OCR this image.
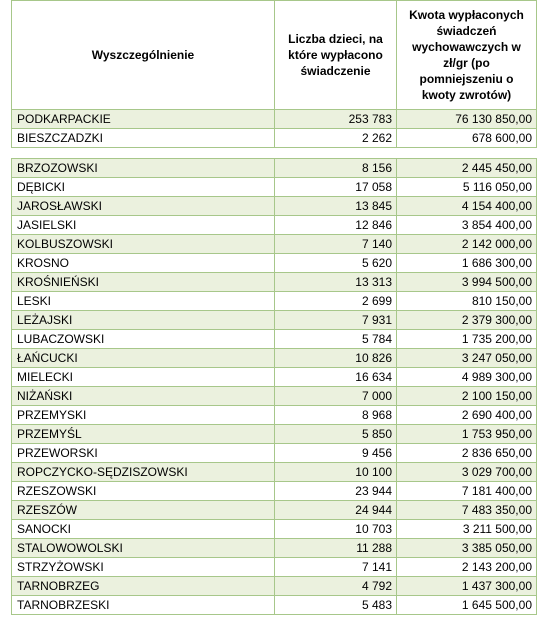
Wyszczególnienie	Liczba dzieci, na które wypłacono świadczenie	Kwota wypłaconych świadczeń wychowawczych w zł/gr (po pomniejszeniu o kwoty zwrotów)
PODKARPACKIE	253 783	76 130 850,00
BIESZCZADZKI	2 262	678 600,00

BRZOZOWSKI	8 156	2 445 450,00
DĘBICKI	17 058	5 116 050,00
JAROSŁAWSKI	13 845	4 154 400,00
JASIELSKI	12 846	3 854 400,00
KOLBUSZOWSKI	7 140	2 142 000,00
KROSNO	5 620	1 686 300,00
KROŚNIEŃSKI	13 313	3 994 500,00
LESKI	2 699	810 150,00
LEŻAJSKI	7 931	2 379 300,00
LUBACZOWSKI	5 784	1 735 200,00
ŁAŃCUCKI	10 826	3 247 050,00
MIELECKI	16 634	4 989 300,00
NIŻAŃSKI	7 000	2 100 150,00
PRZEMYSKI	8 968	2 690 400,00
PRZEMYŚL	5 850	1 753 950,00
PRZEWORSKI	9 456	2 836 650,00
ROPCZYCKO-SĘDZISZOWSKI	10 100	3 029 700,00
RZESZOWSKI	23 944	7 181 400,00
RZESZÓW	24 944	7 483 350,00
SANOCKI	10 703	3 211 500,00
STALOWOWOLSKI	11 288	3 385 050,00
STRZYŻOWSKI	7 141	2 143 200,00
TARNOBRZEG	4 792	1 437 300,00
TARNOBRZESKI	5 483	1 645 500,00
